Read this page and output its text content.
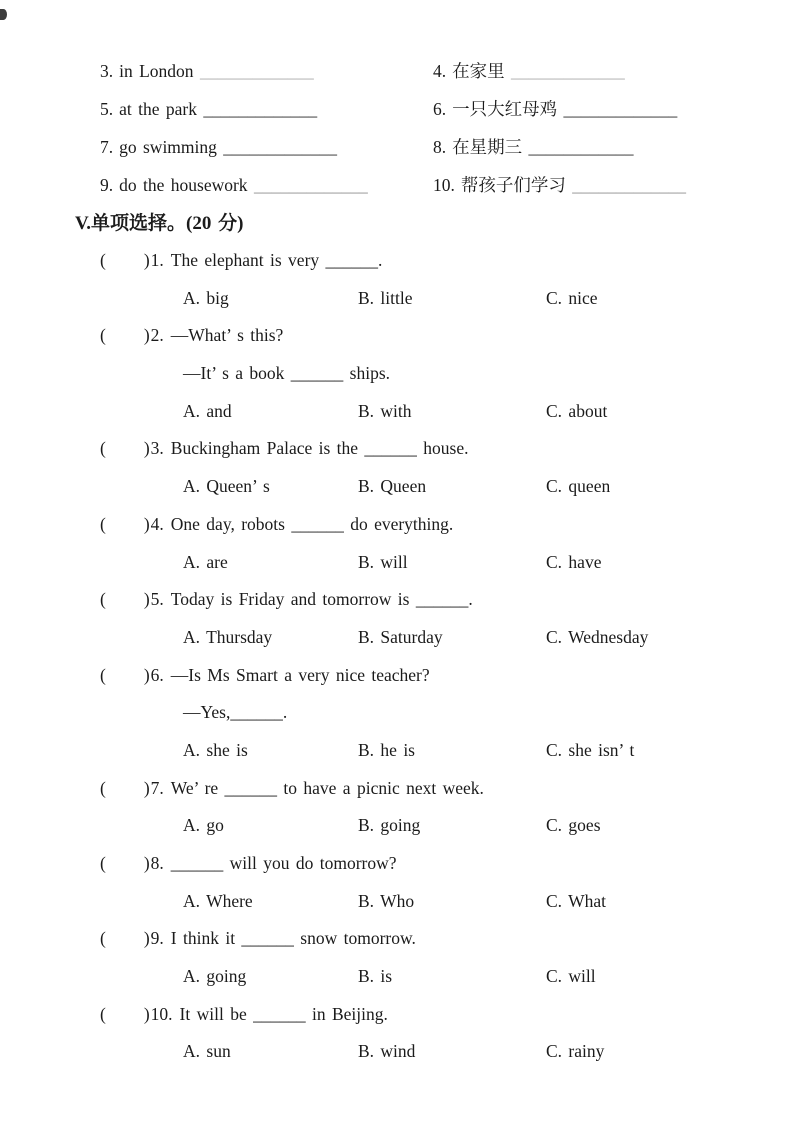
3. in London _____________	4. 在家里 _____________
5. at the park _____________	6. 一只大红母鸡 _____________
7. go swimming _____________	8. 在星期三 ____________
9. do the housework _____________	10. 帮孩子们学习 _____________
V.单项选择。(20 分)
( )1. The elephant is very ______.
A. big	B. little	C. nice
( )2. —What’ s this?
—It’ s a book ______ ships.
A. and	B. with	C. about
( )3. Buckingham Palace is the ______ house.
A. Queen’ s	B. Queen	C. queen
( )4. One day, robots ______ do everything.
A. are	B. will	C. have
( )5. Today is Friday and tomorrow is ______.
A. Thursday	B. Saturday	C. Wednesday
( )6. —Is Ms Smart a very nice teacher?
—Yes,______.
A. she is	B. he is	C. she isn’ t
( )7. We’ re ______ to have a picnic next week.
A. go	B. going	C. goes
( )8. ______ will you do tomorrow?
A. Where	B. Who	C. What
( )9. I think it ______ snow tomorrow.
A. going	B. is	C. will
( )10. It will be ______ in Beijing.
A. sun	B. wind	C. rainy
